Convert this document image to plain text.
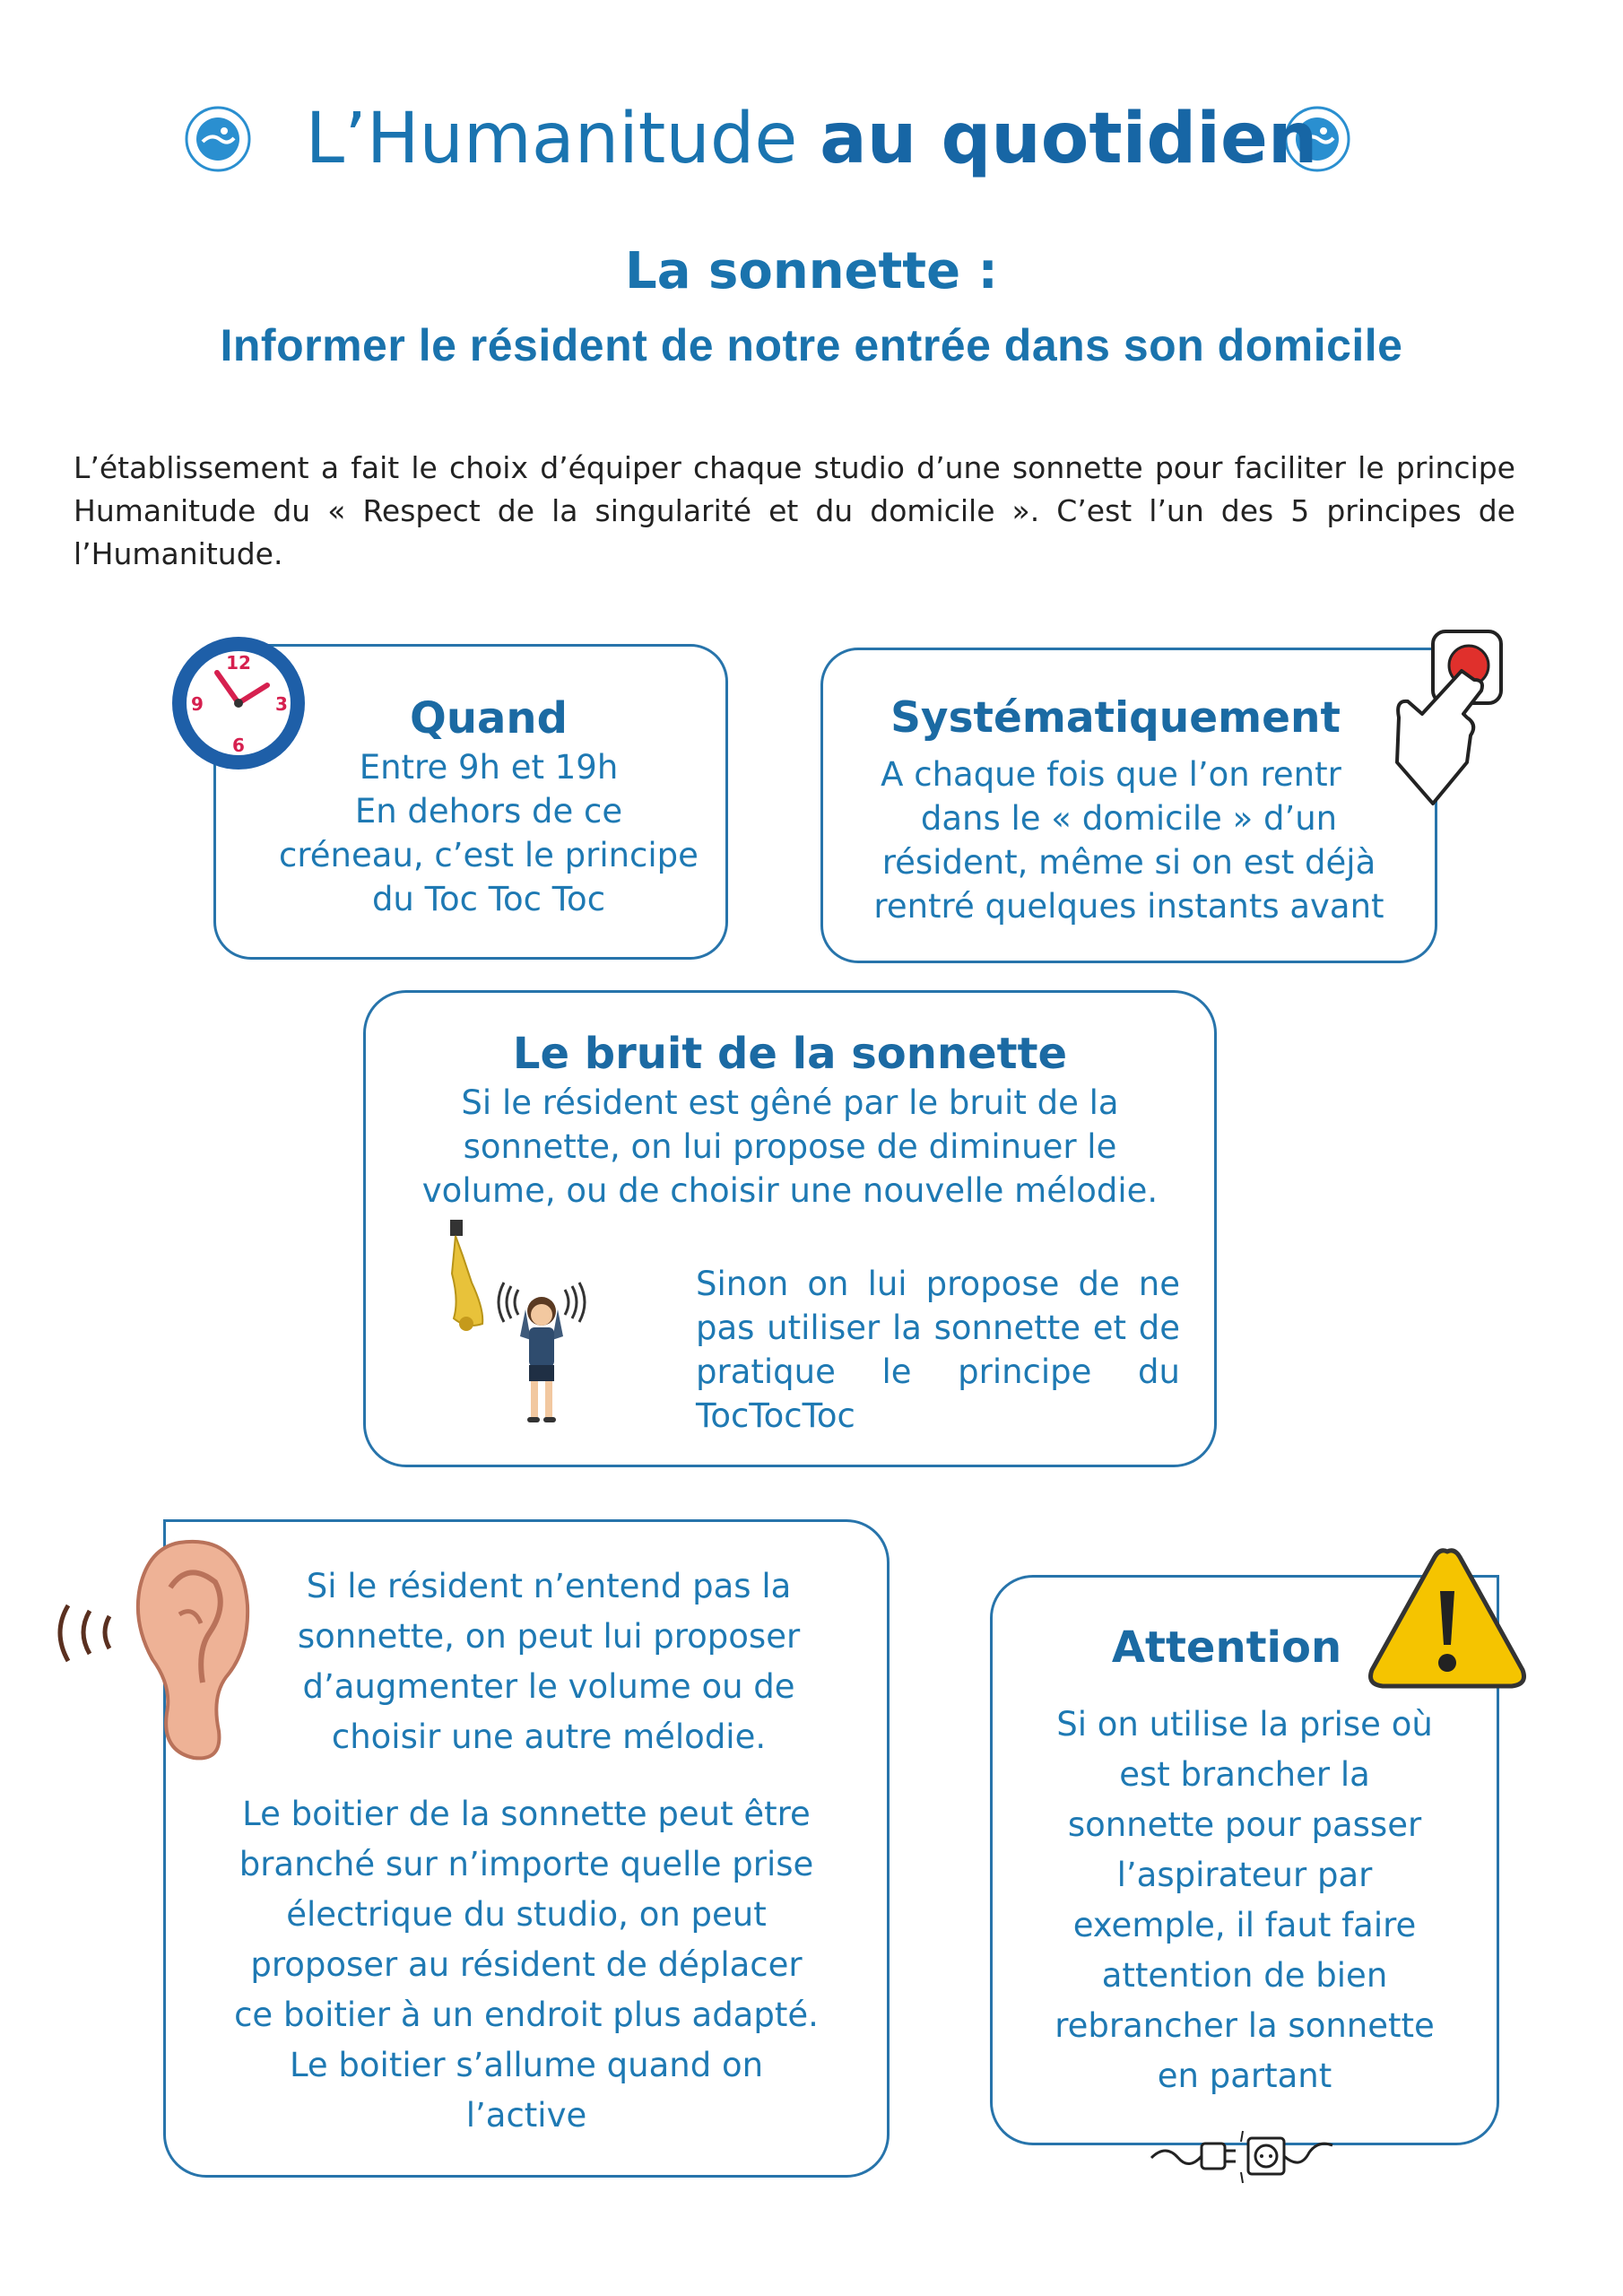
L’Humanitude au quotidien
La sonnette :
Informer le résident de notre entrée dans son domicile
L’établissement a fait le choix d’équiper chaque studio d’une sonnette pour faciliter le principe Humanitude du « Respect de la singularité et du domicile ». C’est l’un des 5 principes de l’Humanitude.
Quand
Entre 9h et 19h
En dehors de ce
créneau, c’est le principe
du Toc Toc Toc
12
3
6
9	Systématiquement
A chaque fois que l’on rentr
dans le « domicile » d’un
résident, même si on est déjà
rentré quelques instants avant
Le bruit de la sonnette
Si le résident est gêné par le bruit de la
sonnette, on lui propose de diminuer le
volume, ou de choisir une nouvelle mélodie.
Sinon on lui propose de ne pas utiliser la sonnette et de pratique le principe du TocTocToc
Si le résident n’entend pas la
sonnette, on peut lui proposer
d’augmenter le volume ou de
choisir une autre mélodie.
Le boitier de la sonnette peut être
branché sur n’importe quelle prise
électrique du studio, on peut
proposer au résident de déplacer
ce boitier à un endroit plus adapté.
Le boitier s’allume quand on
l’active
Attention
Si on utilise la prise où
est brancher la
sonnette pour passer
l’aspirateur par
exemple, il faut faire
attention de bien
rebrancher la sonnette
en partant
